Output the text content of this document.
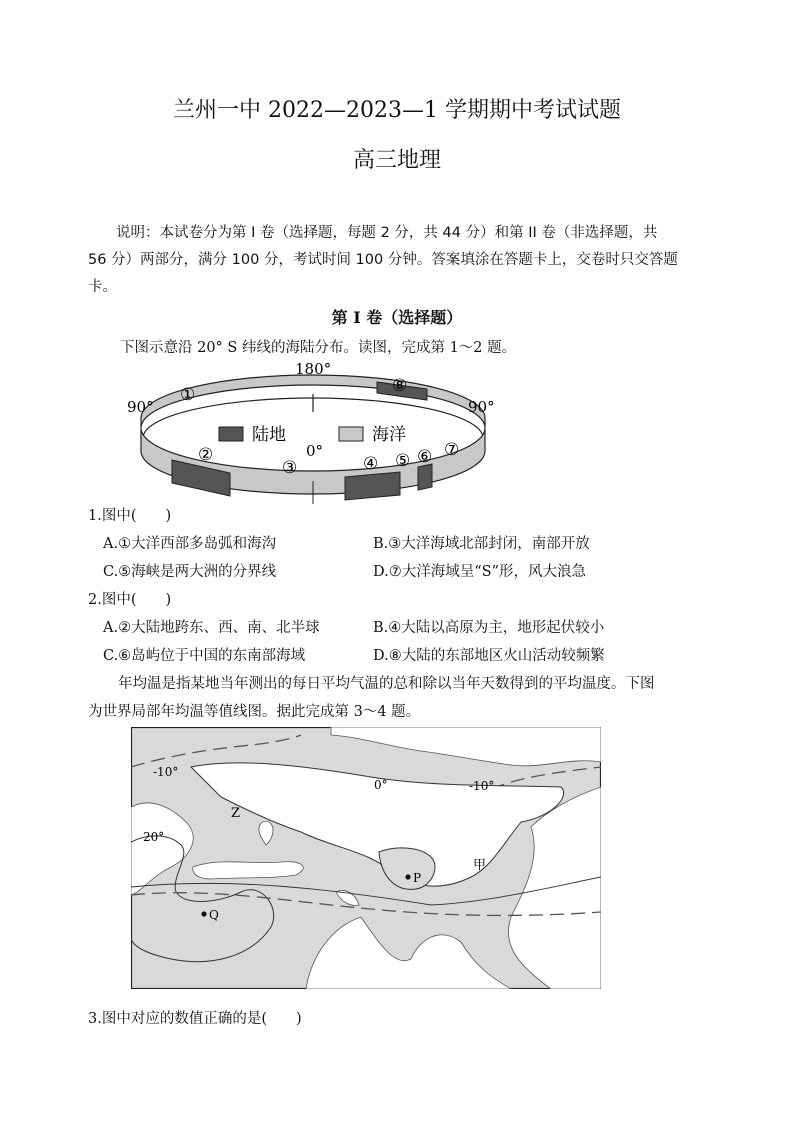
兰州一中 2022—2023—1 学期期中考试试题
高三地理
说明：本试卷分为第 I 卷（选择题，每题 2 分，共 44 分）和第 II 卷（非选择题，共
56 分）两部分，满分 100 分，考试时间 100 分钟。答案填涂在答题卡上，交卷时只交答题
卡。
第 I 卷（选择题）
下图示意沿 20° S 纬线的海陆分布。读图，完成第 1～2 题。
陆地	海洋
180°
90°	90°
0°
①	⑧
②
③	④ ⑤ ⑥ ⑦
1.图中(　　)
A.①大洋西部多岛弧和海沟	B.③大洋海域北部封闭，南部开放
C.⑤海峡是两大洲的分界线	D.⑦大洋海域呈“S”形，风大浪急
2.图中(　　)
A.②大陆地跨东、西、南、北半球	B.④大陆以高原为主，地形起伏较小
C.⑥岛屿位于中国的东南部海域	D.⑧大陆的东部地区火山活动较频繁
年均温是指某地当年测出的每日平均气温的总和除以当年天数得到的平均温度。下图
为世界局部年均温等值线图。据此完成第 3～4 题。
-10°
0°	-10°
20°
Z
甲
P
Q
3.图中对应的数值正确的是(　　)
